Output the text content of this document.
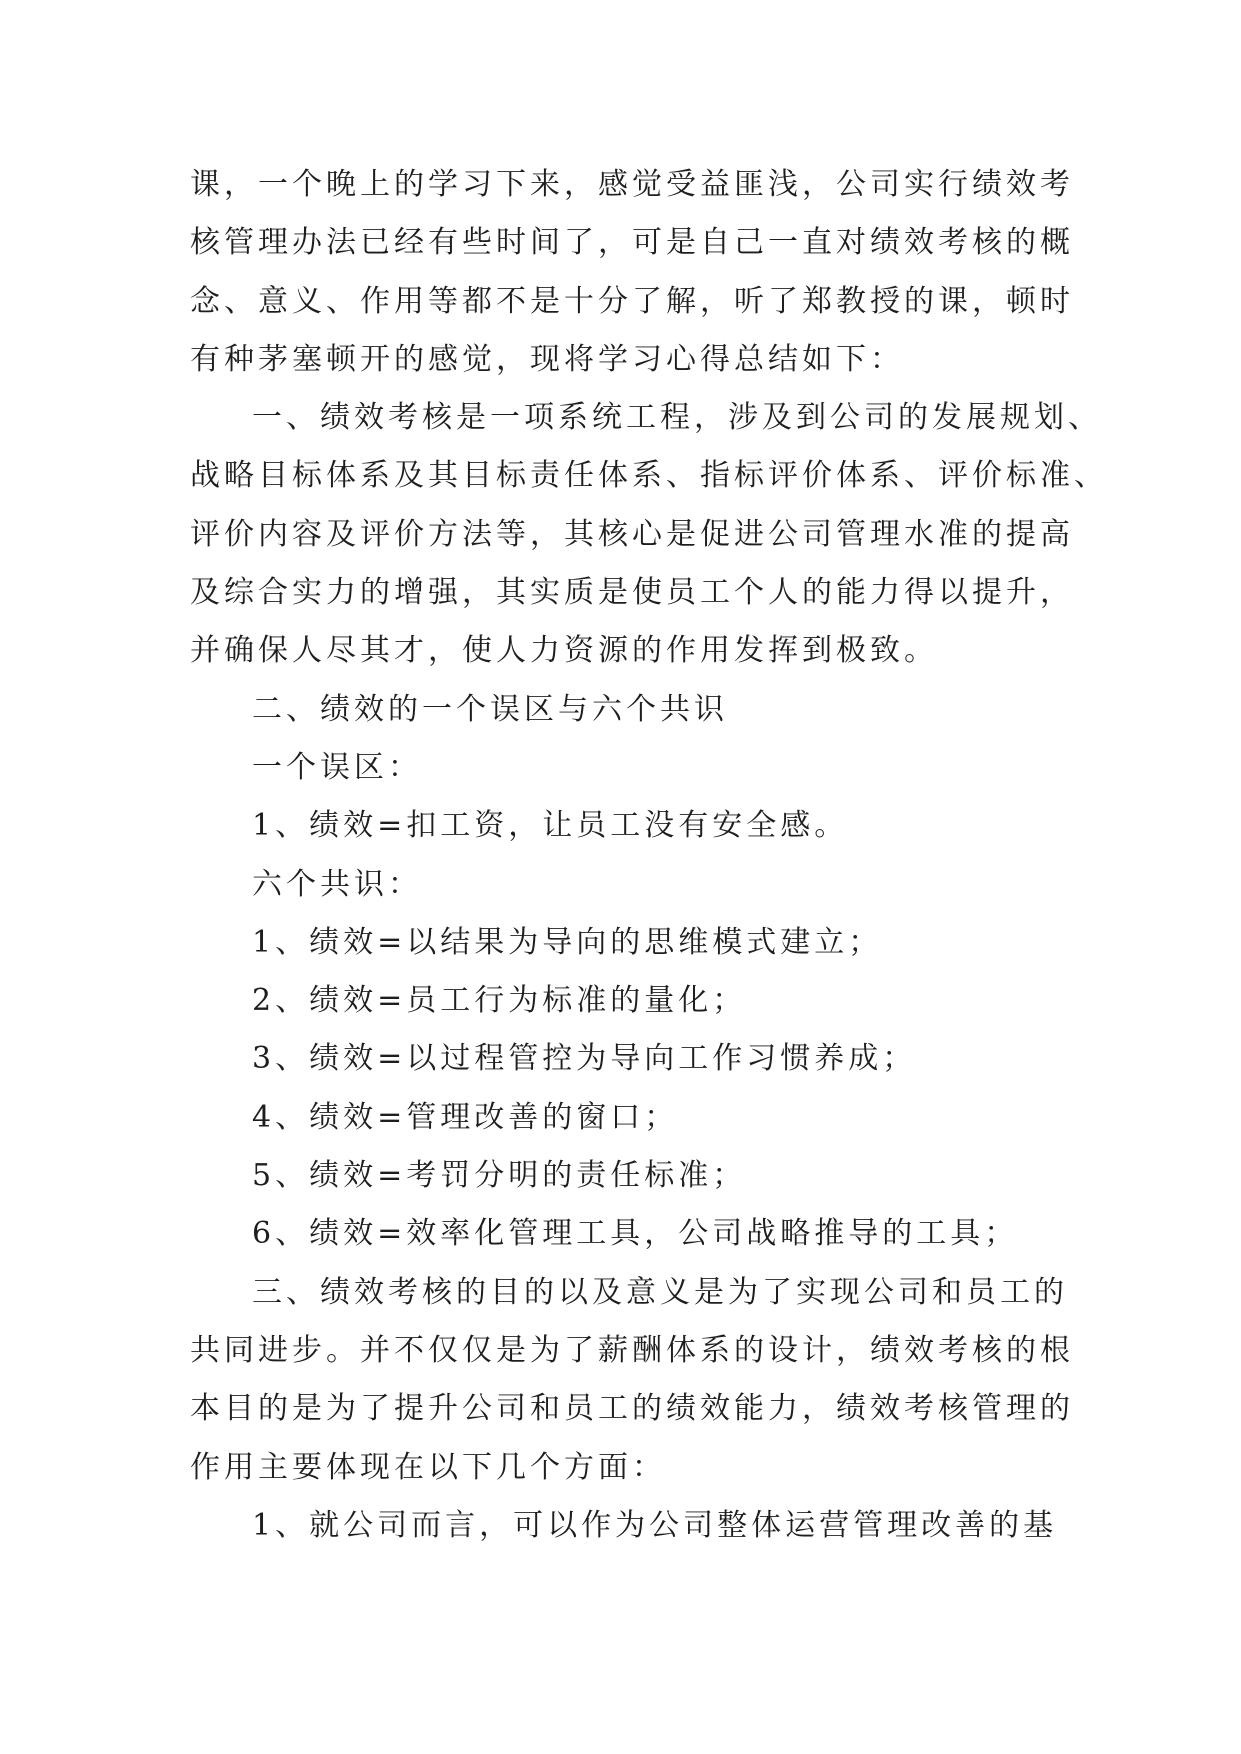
课，一个晚上的学习下来，感觉受益匪浅，公司实行绩效考
核管理办法已经有些时间了，可是自己一直对绩效考核的概
念、意义、作用等都不是十分了解，听了郑教授的课，顿时
有种茅塞顿开的感觉，现将学习心得总结如下：
一、绩效考核是一项系统工程，涉及到公司的发展规划、
战略目标体系及其目标责任体系、指标评价体系、评价标准、
评价内容及评价方法等，其核心是促进公司管理水准的提高
及综合实力的增强，其实质是使员工个人的能力得以提升，
并确保人尽其才，使人力资源的作用发挥到极致。
二、绩效的一个误区与六个共识
一个误区：
1、绩效=扣工资，让员工没有安全感。
六个共识：
1、绩效=以结果为导向的思维模式建立；
2、绩效=员工行为标准的量化；
3、绩效=以过程管控为导向工作习惯养成；
4、绩效=管理改善的窗口；
5、绩效=考罚分明的责任标准；
6、绩效=效率化管理工具，公司战略推导的工具；
三、绩效考核的目的以及意义是为了实现公司和员工的
共同进步。并不仅仅是为了薪酬体系的设计，绩效考核的根
本目的是为了提升公司和员工的绩效能力，绩效考核管理的
作用主要体现在以下几个方面：
1、就公司而言，可以作为公司整体运营管理改善的基
